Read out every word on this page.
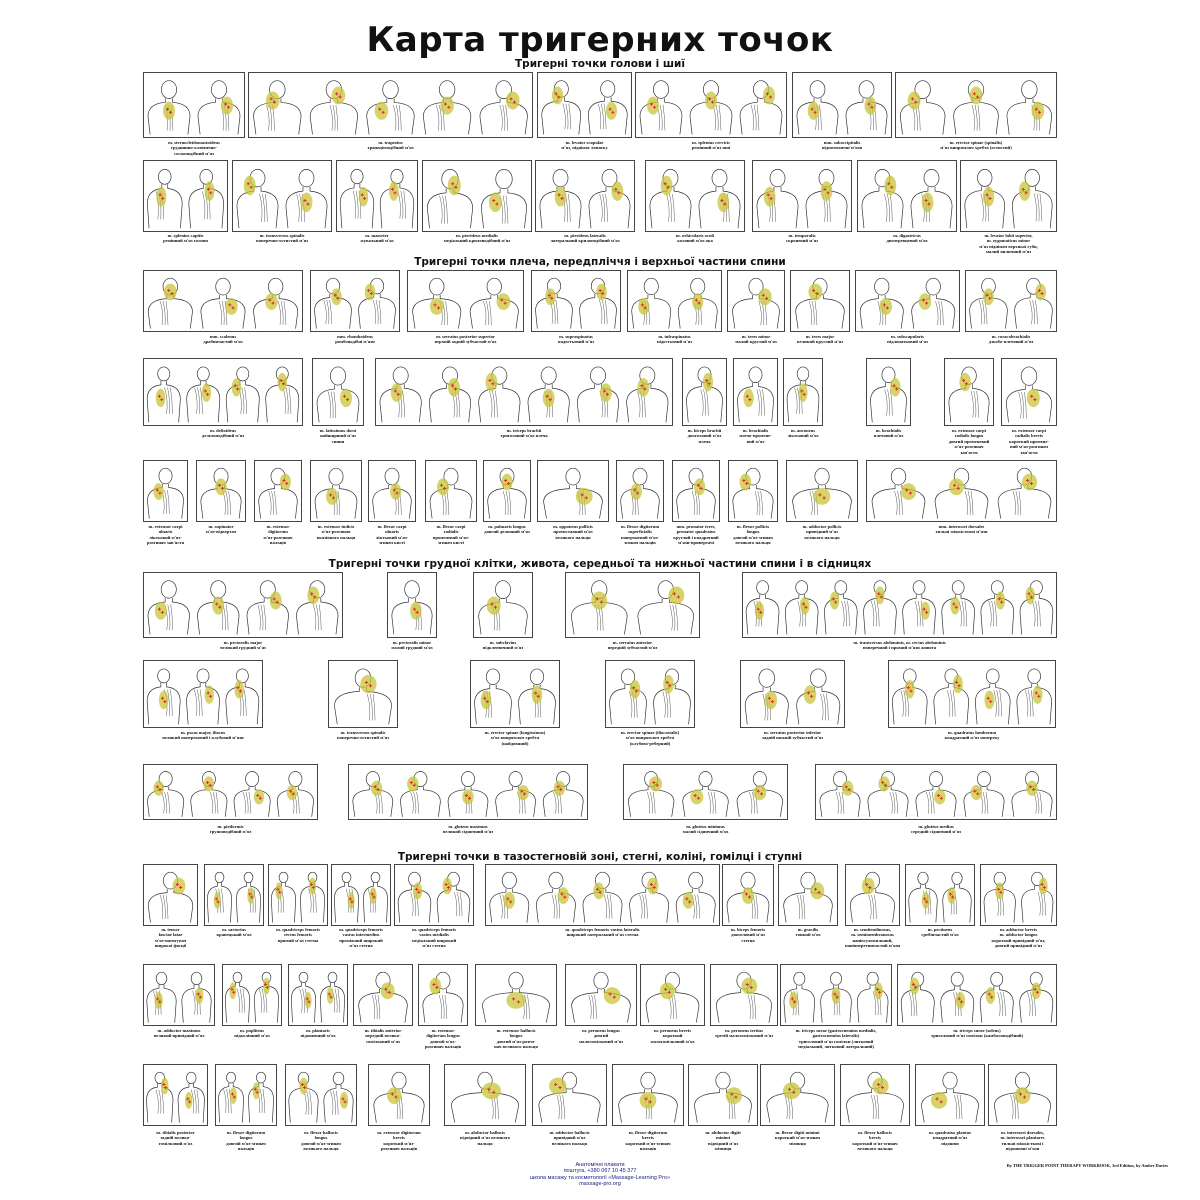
Карта тригерних точок
Тригерні точки голови і шиї
m. sternocleidomastoideus
груднинно-ключично-
соскоподібний м'яз
m. trapezius
трапецієподібний м'яз
m. levator scapulae
м'яз, піднімає лопатку
m. splenius cervicis
ремінний м'яз шиї
mm. suboccipitalis
підпотиличні м'язи
m. erector spinae (spinalis)
м'яз випрямляч хребта (остистий)
m. splenius capitis
ремінний м'яз голови
m. transversus spinalis
поперечно-остистий м'яз
m. masseter
жувальний м'яз
m. pterideus medialis
медіальний крилоподібний м'яз
m. pterideus lateralis
латеральний крилоподібний м'яз
m. orbicularis oculi
коловий м'яз ока
m. temporalis
скроневий м'яз
m. digastricus
двочеревцевий м'яз
m. levator labii superior,
m. zygomaticus minor
м'яз піднімач верхньої губи,
малий виличний м'яз
Тригерні точки плеча, передпліччя і верхньої частини спини
mm. scalenus
драбинчастий м'яз
mm. rhomboideus
ромбоподібні м'язи
m. serratus posterior superior
верхній задній зубчастий м'яз
m. supraspinatus
надостьовий м'яз
m. infraspinatus
підостьовий м'яз
m. teres minor
малий круглий м'яз
m. teres major
великий круглий м'яз
m. subscapularis
підлопатковий м'яз
m. coracobrachialis
дзьобо-плечовий м'яз
m. deltoideus
дельтоподібний м'яз
m. latissimus dorsi
найширший м'яз
спини
m. triceps brachii
триголовий м'яз плеча
m. biceps brachii
двоголовий м'яз
плеча
m. brachialis
плечо-промене-
вий м'яз
m. anconeus
ліктьовий м'яз
m. brachialis
плечовий м'яз
m. extensor carpi
radialis longus
довгий променевий
м'яз-розгинач
зап'ястя
m. extensor carpi
radialis brevis
короткий промене-
вий м'яз-розгинач
зап'ястя
m. extensor carpi
ulnaris
ліктьовий м'яз-
розгинач зап'ястя
m. supinator
м'яз-відвертач
m. extensor
digitorum
м'яз-розгинач
пальців
m. extensor indicis
м'яз-розгинач
вказівного пальця
m. flexor carpi
ulnaris
ліктьовий м'яз-
згинач кисті
m. flexor carpi
radialis
променевий м'яз-
згинач кисті
m. palmaris longus
довгий долонний м'яз
m. opponens pollicis
протиставний м'яз
великого пальця
m. flexor digitorum
superficialis
поверхневий м'яз-
згинач пальців
mm. pronator teres,
pronator quadratus
круглий і квадратний
м'язи-привертачі
m. flexor pollicis
longus
довгий м'яз-згинач
великого пальця
m. adductor pollicis
привідний м'яз
великого пальця
mm. interossei dorsales
тильні міжкісткові м'язи
Тригерні точки грудної клітки, живота, середньої та нижньої частини спини і в сідницях
m. pectoralis major
великий грудний м'яз
m. pectoralis minor
малий грудний м'яз
m. subclavius
підключичний м'яз
m. serratus anterior
передній зубчастий м'яз
m. transversus abdominis, m. rectus abdominis
поперечний і прямий м'язи живота
m. psoas major, iliacus
великий поперековий і клубовий м'язи
m. transversus spinalis
поперечно-остистий м'яз
m. erector spinae (longissimus)
м'яз випрямляч хребта
(найдовший)
m. erector spinae (iliocostalis)
м'яз випрямляч хребта
(клубово-реберний)
m. serratus posterior inferior
задній нижній зубчастий м'яз
m. quadratus lumborum
квадратний м'яз попереку
m. piriformis
грушоподібний м'яз
m. gluteus maximus
великий сідничний м'яз
m. gluteus minimus
малий сідничний м'яз
m. gluteus medius
середній сідничний м'яз
Тригерні точки в тазостегновій зоні, стегні, коліні, гомілці і ступні
m. tensor
fasciae latae
м'яз-натягувач
широкої фасції
m. sartorius
кравецький м'яз
m. quadriceps femoris
rectus femoris
прямий м'яз стегна
m. quadriceps femoris
vastus intermedius
проміжний широкий
м'яз стегна
m. quadriceps femoris
vastus medialis
медіальний широкий
м'яз стегна
m. quadriceps femoris vastus lateralis
широкий латеральний м'яз стегна
m. biceps femoris
двоголовий м'яз
стегна
m. gracilis
тонкий м'яз
m. semitendinosus,
m. semimembranosus
напівсухожильний,
напівперетинчастий м'язи
m. pectineus
гребінчастий м'яз
m. adductor brevis
m. adductor longus
короткий привідний м'яз,
довгий привідний м'яз
m. adductor maximus
великий привідний м'яз
m. popliteus
підколінний м'яз
m. plantaris
підошовний м'яз
m. tibialis anterior
передній велико-
гомілковий м'яз
m. extensor
digitorum longus
довгий м'яз-
розгинач пальців
m. extensor hallucis
longus
довгий м'яз-розги-
нач великого пальця
m. peroneus longus
довгий
малогомілковий м'яз
m. peroneus brevis
короткий
малогомілковий м'яз
m. peroneus tertius
третій малогомілковий м'яз
m. triceps surae (gastrocnemius medialis,
gastrocnemius lateralis)
триголовий м'яз гомілки (литковий
медіальний, литковий латеральний)
m. triceps surae (soleus)
триголовий м'яз гомілки (камбалоподібний)
m. tibialis posterior
задній велико-
гомілковий м'яз
m. flexor digitorum
longus
довгий м'яз-згинач
пальців
m. flexor hallucis
longus
довгий м'яз-згинач
великого пальця
m. extensor digitorum
brevis
короткий м'яз-
розгинач пальців
m. abductor hallucis
відвідний м'яз великого
пальця
m. adductor hallucis
привідний м'яз
великого пальця
m. flexor digitorum
brevis
короткий м'яз-згинач
пальців
m. abductor digiti
minimi
відвідний м'яз
мізинця
m. flexor digiti minimi
короткий м'яз-згинач
мізинця
m. flexor hallucis
brevis
короткий м'яз-згинач
великого пальця
m. quadratus plantae
квадратний м'яз
підошви
m. interossei dorsales,
m. interossei plantares
тильні міжкісткові і
підошовні м'язи
Анатомічні плакати
поштуга, +380 067 10 45 377
школа масажу та косметології «Massage-Learning Pro»
massage-pro.org
By THE TRIGGER POINT THERAPY WORKBOOK, 3rd Edition, by Amber Davies
